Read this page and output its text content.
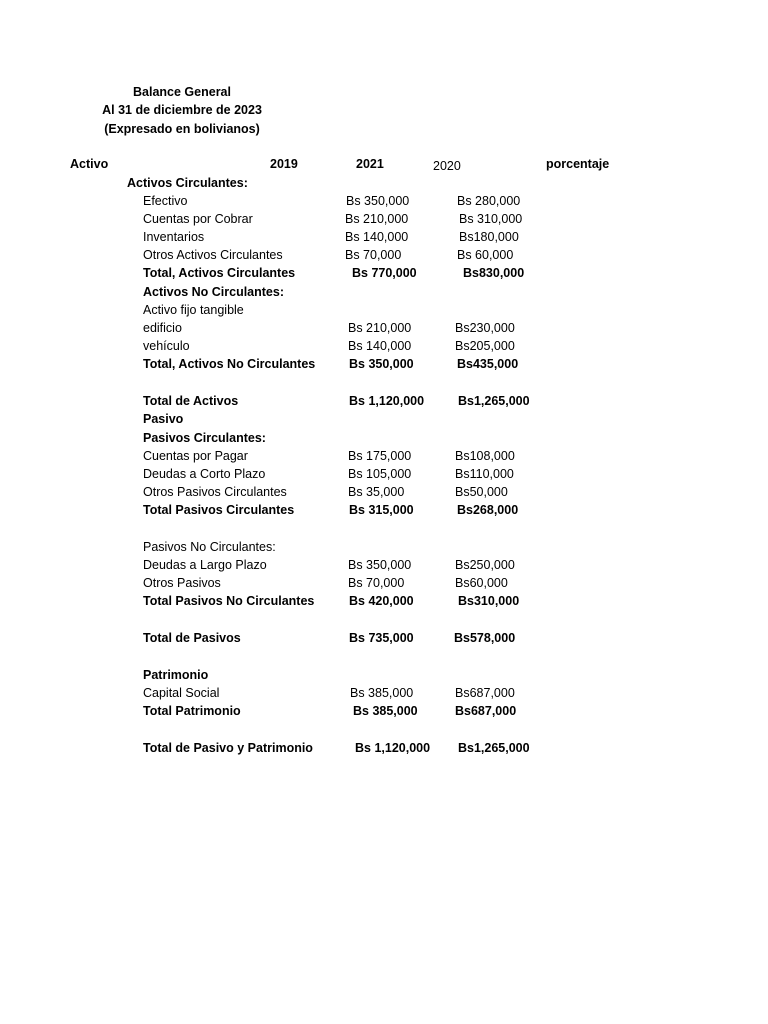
Balance General
Al 31 de diciembre de 2023
(Expresado en bolivianos)
Activo	2019	2021	2020	porcentaje
Activos Circulantes:
Efectivo	Bs 350,000	Bs 280,000
Cuentas por Cobrar	Bs 210,000	Bs 310,000
Inventarios	Bs 140,000	Bs180,000
Otros Activos Circulantes	Bs 70,000	Bs 60,000
Total, Activos Circulantes	Bs 770,000	Bs830,000
Activos No Circulantes:
Activo fijo tangible
edificio	Bs 210,000	Bs230,000
vehículo	Bs 140,000	Bs205,000
Total, Activos No Circulantes	Bs 350,000	Bs435,000
Total de Activos	Bs 1,120,000	Bs1,265,000
Pasivo
Pasivos Circulantes:
Cuentas por Pagar	Bs 175,000	Bs108,000
Deudas a Corto Plazo	Bs 105,000	Bs110,000
Otros Pasivos Circulantes	Bs 35,000	Bs50,000
Total Pasivos Circulantes	Bs 315,000	Bs268,000
Pasivos No Circulantes:
Deudas a Largo Plazo	Bs 350,000	Bs250,000
Otros Pasivos	Bs 70,000	Bs60,000
Total Pasivos No Circulantes	Bs 420,000	Bs310,000
Total de Pasivos	Bs 735,000	Bs578,000
Patrimonio
Capital Social	Bs 385,000	Bs687,000
Total Patrimonio	Bs 385,000	Bs687,000
Total de Pasivo y Patrimonio	Bs 1,120,000 Bs1,265,000
